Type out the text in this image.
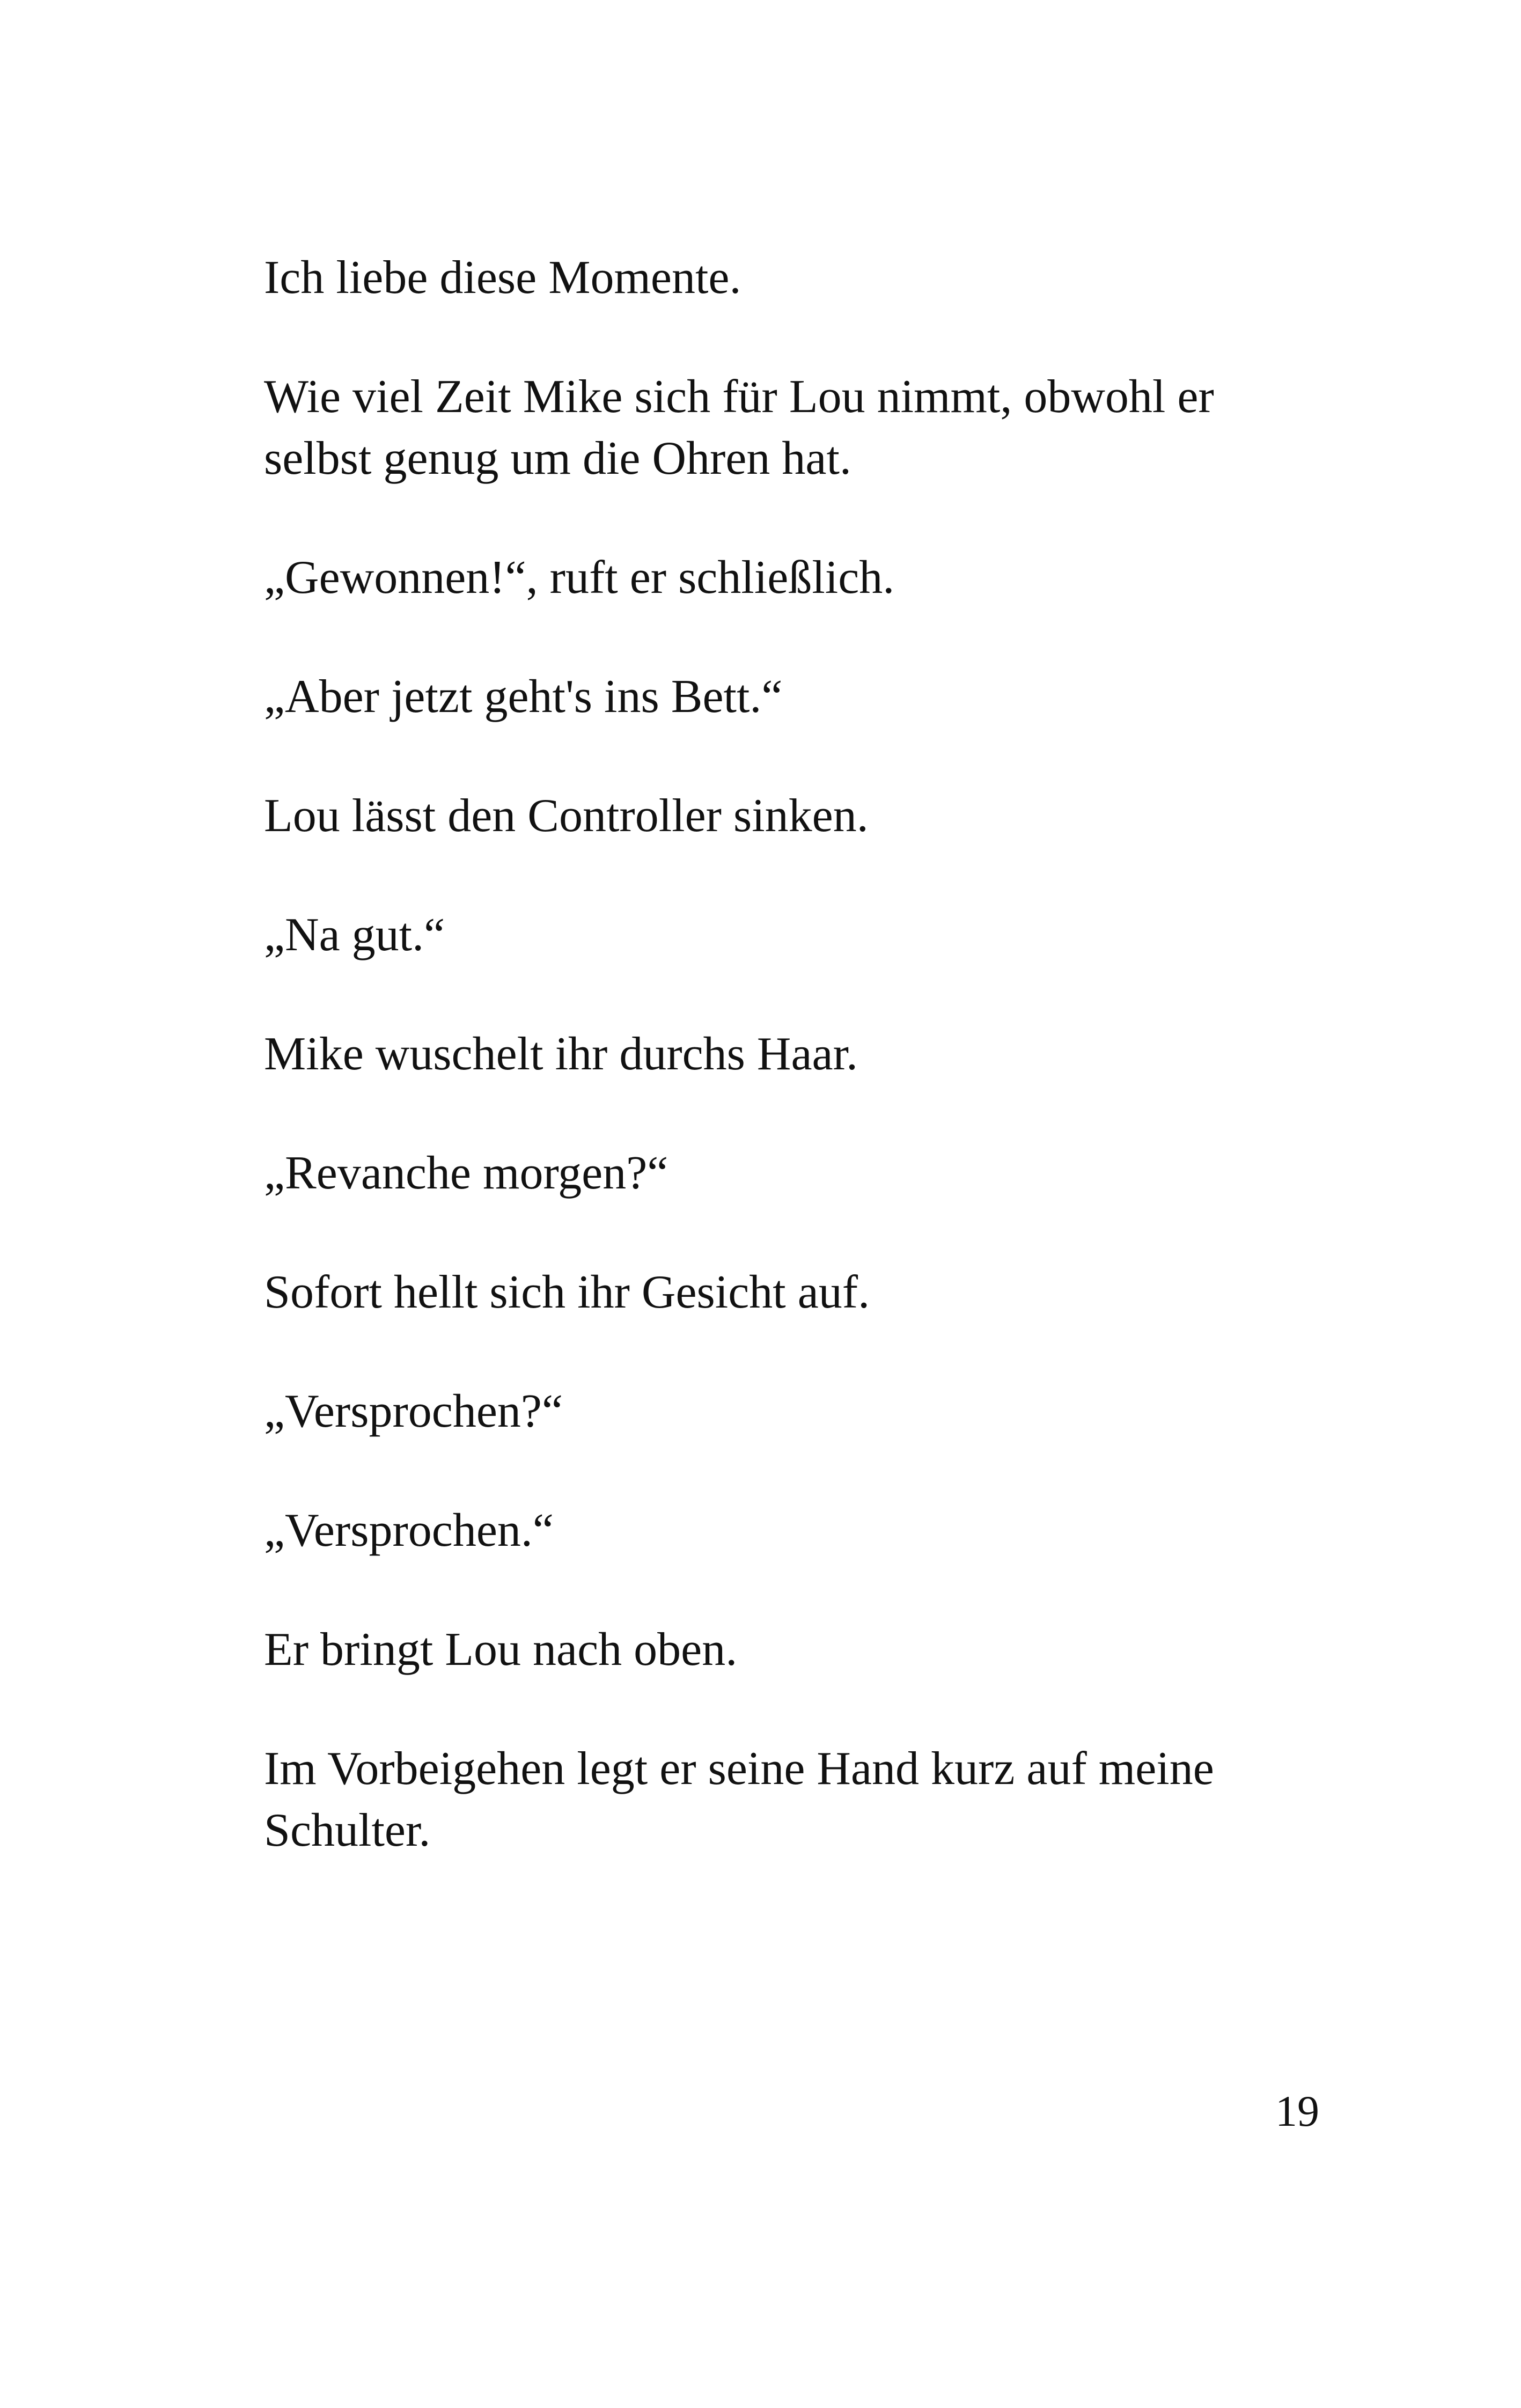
Ich liebe diese Momente.

Wie viel Zeit Mike sich für Lou nimmt, obwohl er selbst genug um die Ohren hat.

„Gewonnen!“, ruft er schließlich.

„Aber jetzt geht's ins Bett.“

Lou lässt den Controller sinken.

„Na gut.“

Mike wuschelt ihr durchs Haar.

„Revanche morgen?“

Sofort hellt sich ihr Gesicht auf.

„Versprochen?“

„Versprochen.“

Er bringt Lou nach oben.

Im Vorbeigehen legt er seine Hand kurz auf meine Schulter.

19
